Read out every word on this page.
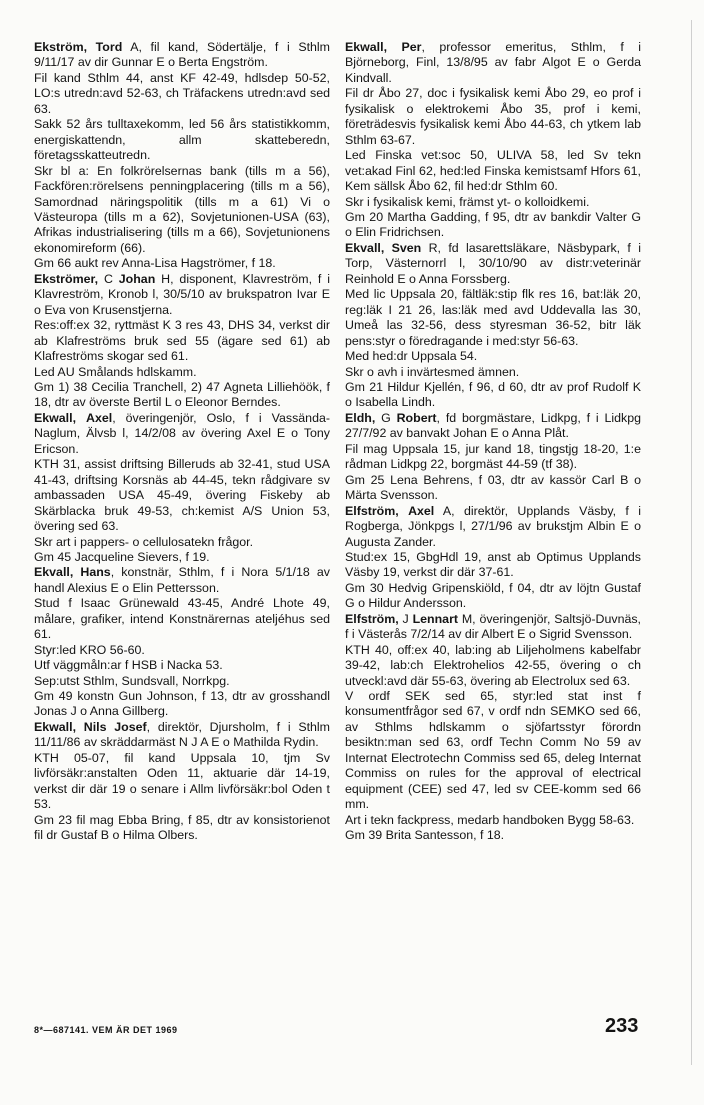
Ekström, Tord A, fil kand, Södertälje, f i Sthlm 9/11/17 av dir Gunnar E o Berta Engström.

Fil kand Sthlm 44, anst KF 42-49, hdlsdep 50-52, LO:s utredn:avd 52-63, ch Träfackens utredn:avd sed 63.

Sakk 52 års tulltaxekomm, led 56 års statistikkomm, energiskattendn, allm skatteberedn, företagsskatteutredn.

Skr bl a: En folkrörelsernas bank (tills m a 56), Fackfören:rörelsens penningplacering (tills m a 56), Samordnad näringspolitik (tills m a 61) Vi o Västeuropa (tills m a 62), Sovjetunionen-USA (63), Afrikas industrialisering (tills m a 66), Sovjetunionens ekonomireform (66).

Gm 66 aukt rev Anna-Lisa Hagströmer, f 18.

Ekströmer, C Johan H, disponent, Klavreström, f i Klavreström, Kronob l, 30/5/10 av brukspatron Ivar E o Eva von Krusenstjerna.

Res:off:ex 32, ryttmäst K 3 res 43, DHS 34, verkst dir ab Klafreströms bruk sed 55 (ägare sed 61) ab Klafreströms skogar sed 61.

Led AU Smålands hdlskamm.

Gm 1) 38 Cecilia Tranchell, 2) 47 Agneta Lilliehöök, f 18, dtr av överste Bertil L o Eleonor Berndes.

Ekwall, Axel, överingenjör, Oslo, f i Vassända-Naglum, Älvsb l, 14/2/08 av övering Axel E o Tony Ericson.

KTH 31, assist driftsing Billeruds ab 32-41, stud USA 41-43, driftsing Korsnäs ab 44-45, tekn rådgivare sv ambassaden USA 45-49, övering Fiskeby ab Skärblacka bruk 49-53, ch:kemist A/S Union 53, övering sed 63.

Skr art i pappers- o cellulosatekn frågor.

Gm 45 Jacqueline Sievers, f 19.

Ekvall, Hans, konstnär, Sthlm, f i Nora 5/1/18 av handl Alexius E o Elin Pettersson.

Stud f Isaac Grünewald 43-45, André Lhote 49, målare, grafiker, intend Konstnärernas ateljéhus sed 61.

Styr:led KRO 56-60.

Utf väggmåln:ar f HSB i Nacka 53.

Sep:utst Sthlm, Sundsvall, Norrkpg.

Gm 49 konstn Gun Johnson, f 13, dtr av grosshandl Jonas J o Anna Gillberg.

Ekwall, Nils Josef, direktör, Djursholm, f i Sthlm 11/11/86 av skräddarmäst N J A E o Mathilda Rydin.

KTH 05-07, fil kand Uppsala 10, tjm Sv livförsäkr:anstalten Oden 11, aktuarie där 14-19, verkst dir där 19 o senare i Allm livförsäkr:bol Oden t 53.

Gm 23 fil mag Ebba Bring, f 85, dtr av konsistorienot fil dr Gustaf B o Hilma Olbers.

Ekwall, Per, professor emeritus, Sthlm, f i Björneborg, Finl, 13/8/95 av fabr Algot E o Gerda Kindvall.

Fil dr Åbo 27, doc i fysikalisk kemi Åbo 29, eo prof i fysikalisk o elektrokemi Åbo 35, prof i kemi, företrädesvis fysikalisk kemi Åbo 44-63, ch ytkem lab Sthlm 63-67.

Led Finska vet:soc 50, ULIVA 58, led Sv tekn vet:akad Finl 62, hed:led Finska kemistsamf Hfors 61, Kem sällsk Åbo 62, fil hed:dr Sthlm 60.

Skr i fysikalisk kemi, främst yt- o kolloidkemi.

Gm 20 Martha Gadding, f 95, dtr av bankdir Valter G o Elin Fridrichsen.

Ekvall, Sven R, fd lasarettsläkare, Näsbypark, f i Torp, Västernorrl l, 30/10/90 av distr:veterinär Reinhold E o Anna Forssberg.

Med lic Uppsala 20, fältläk:stip flk res 16, bat:läk 20, reg:läk I 21 26, las:läk med avd Uddevalla las 30, Umeå las 32-56, dess styresman 36-52, bitr läk pens:styr o föredragande i med:styr 56-63.

Med hed:dr Uppsala 54.

Skr o avh i invärtesmed ämnen.

Gm 21 Hildur Kjellén, f 96, d 60, dtr av prof Rudolf K o Isabella Lindh.

Eldh, G Robert, fd borgmästare, Lidkpg, f i Lidkpg 27/7/92 av banvakt Johan E o Anna Plåt.

Fil mag Uppsala 15, jur kand 18, tingstjg 18-20, 1:e rådman Lidkpg 22, borgmäst 44-59 (tf 38).

Gm 25 Lena Behrens, f 03, dtr av kassör Carl B o Märta Svensson.

Elfström, Axel A, direktör, Upplands Väsby, f i Rogberga, Jönkpgs l, 27/1/96 av brukstjm Albin E o Augusta Zander.

Stud:ex 15, GbgHdl 19, anst ab Optimus Upplands Väsby 19, verkst dir där 37-61.

Gm 30 Hedvig Gripenskiöld, f 04, dtr av löjtn Gustaf G o Hildur Andersson.

Elfström, J Lennart M, överingenjör, Saltsjö-Duvnäs, f i Västerås 7/2/14 av dir Albert E o Sigrid Svensson.

KTH 40, off:ex 40, lab:ing ab Liljeholmens kabelfabr 39-42, lab:ch Elektrohelios 42-55, övering o ch utveckl:avd där 55-63, övering ab Electrolux sed 63.

V ordf SEK sed 65, styr:led stat inst f konsumentfrågor sed 67, v ordf ndn SEMKO sed 66, av Sthlms hdlskamm o sjöfartsstyr förordn besiktn:man sed 63, ordf Techn Comm No 59 av Internat Electrotechn Commiss sed 65, deleg Internat Commiss on rules for the approval of electrical equipment (CEE) sed 47, led sv CEE-komm sed 66 mm.

Art i tekn fackpress, medarb handboken Bygg 58-63.

Gm 39 Brita Santesson, f 18.

8*—687141. VEM ÄR DET 1969	233
